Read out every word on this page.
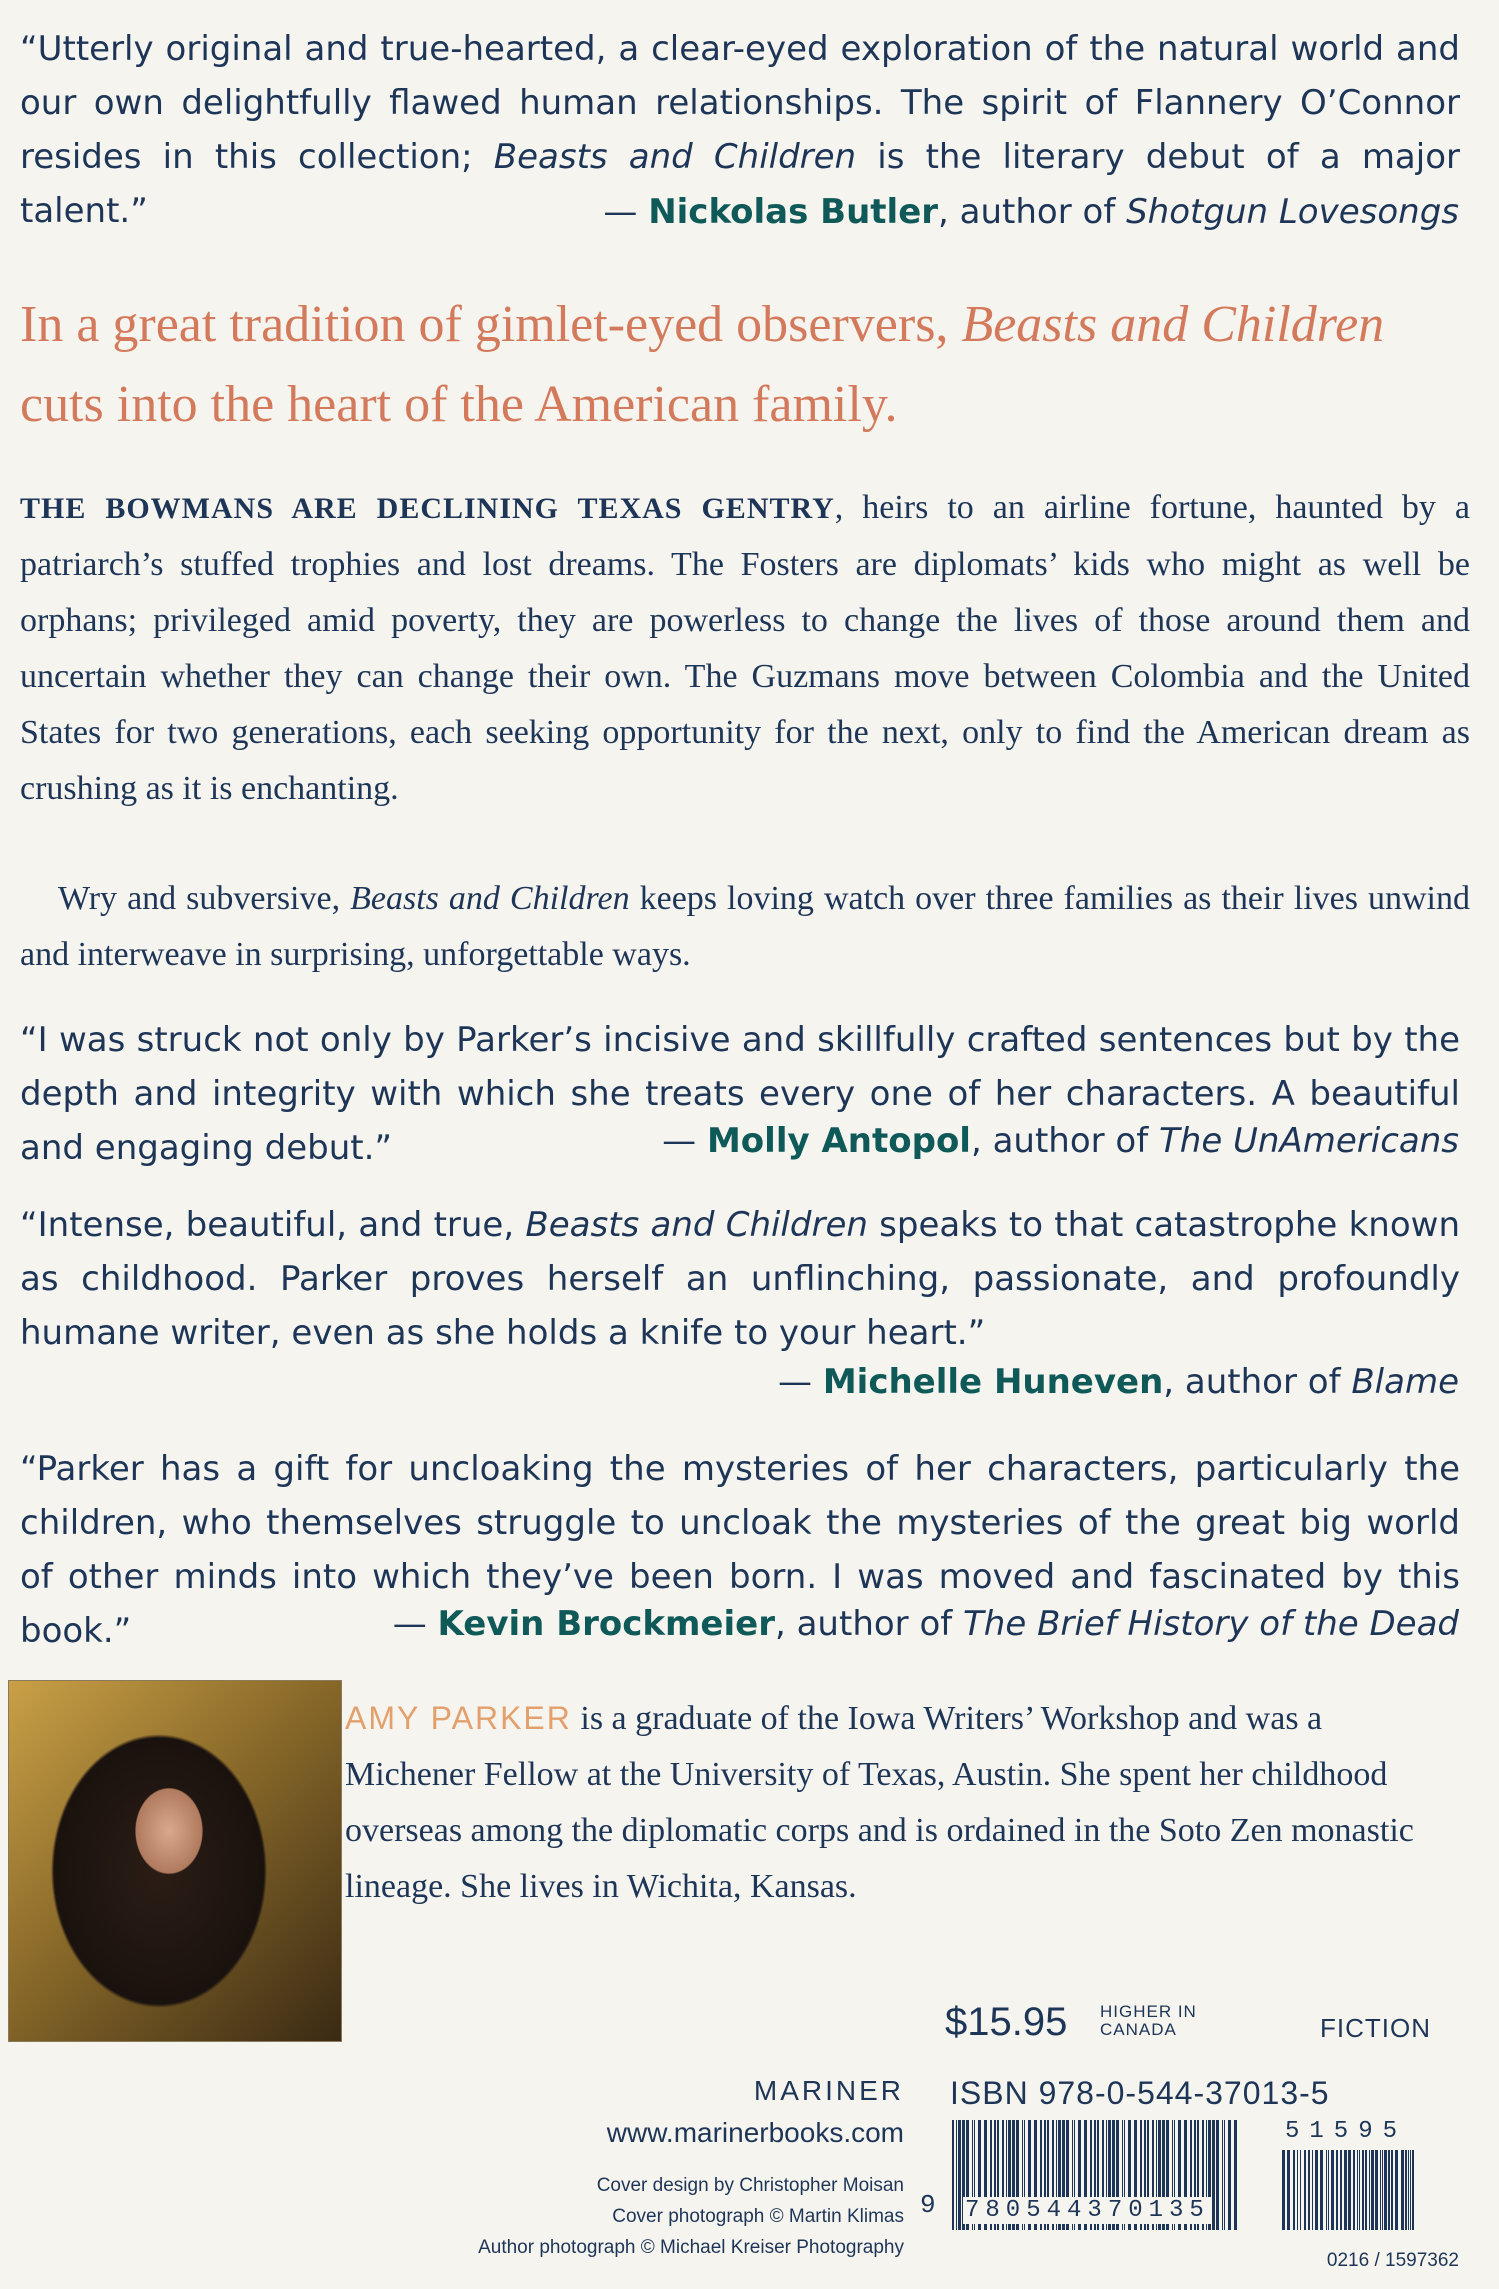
“Utterly original and true-hearted, a clear-eyed exploration of the natural world and our own delightfully flawed human relationships. The spirit of Flannery O’Connor resides in this collection; Beasts and Children is the literary debut of a major talent.”	— Nickolas Butler, author of Shotgun Lovesongs
In a great tradition of gimlet-eyed observers, Beasts and Children cuts into the heart of the American family.
THE BOWMANS ARE DECLINING TEXAS GENTRY, heirs to an airline fortune, haunted by a patriarch’s stuffed trophies and lost dreams. The Fosters are diplomats’ kids who might as well be orphans; privileged amid poverty, they are powerless to change the lives of those around them and uncertain whether they can change their own. The Guzmans move between Colombia and the United States for two generations, each seeking opportunity for the next, only to find the American dream as crushing as it is enchanting.
Wry and subversive, Beasts and Children keeps loving watch over three families as their lives unwind and interweave in surprising, unforgettable ways.
“I was struck not only by Parker’s incisive and skillfully crafted sentences but by the depth and integrity with which she treats every one of her characters. A beautiful and engaging debut.”	— Molly Antopol, author of The UnAmericans
“Intense, beautiful, and true, Beasts and Children speaks to that catastrophe known as childhood. Parker proves herself an unflinching, passionate, and profoundly humane writer, even as she holds a knife to your heart.”
— Michelle Huneven, author of Blame
“Parker has a gift for uncloaking the mysteries of her characters, particularly the children, who themselves struggle to uncloak the mysteries of the great big world of other minds into which they’ve been born. I was moved and fascinated by this book.”	— Kevin Brockmeier, author of The Brief History of the Dead
AMY PARKER is a graduate of the Iowa Writers’ Workshop and was a Michener Fellow at the University of Texas, Austin. She spent her childhood overseas among the diplomatic corps and is ordained in the Soto Zen monastic lineage. She lives in Wichita, Kansas.
$15.95 HIGHER IN
CANADA	FICTION
MARINER
www.marinerbooks.com
Cover design by Christopher Moisan
Cover photograph © Martin Klimas
Author photograph © Michael Kreiser Photography
ISBN 978-0-544-37013-5
9 780544370135
51595
0216 / 1597362
